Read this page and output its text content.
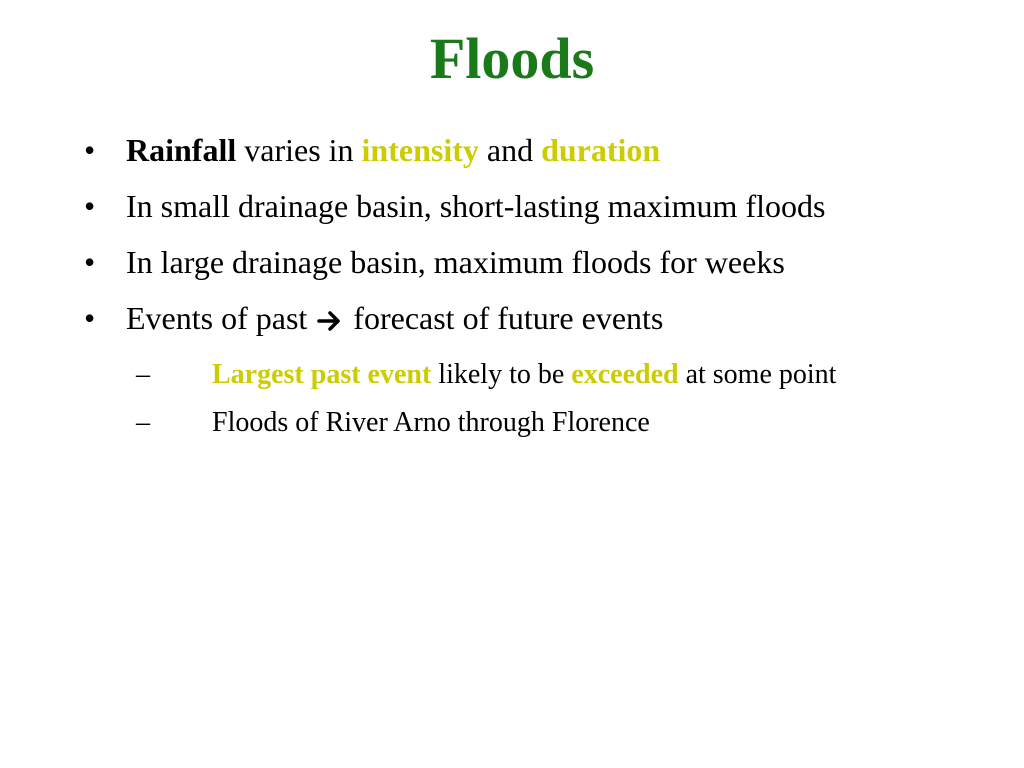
Floods
• Rainfall varies in intensity and duration
• In small drainage basin, short-lasting maximum floods
• In large drainage basin, maximum floods for weeks
• Events of past  forecast of future events
– Largest past event likely to be exceeded at some point
– Floods of River Arno through Florence
